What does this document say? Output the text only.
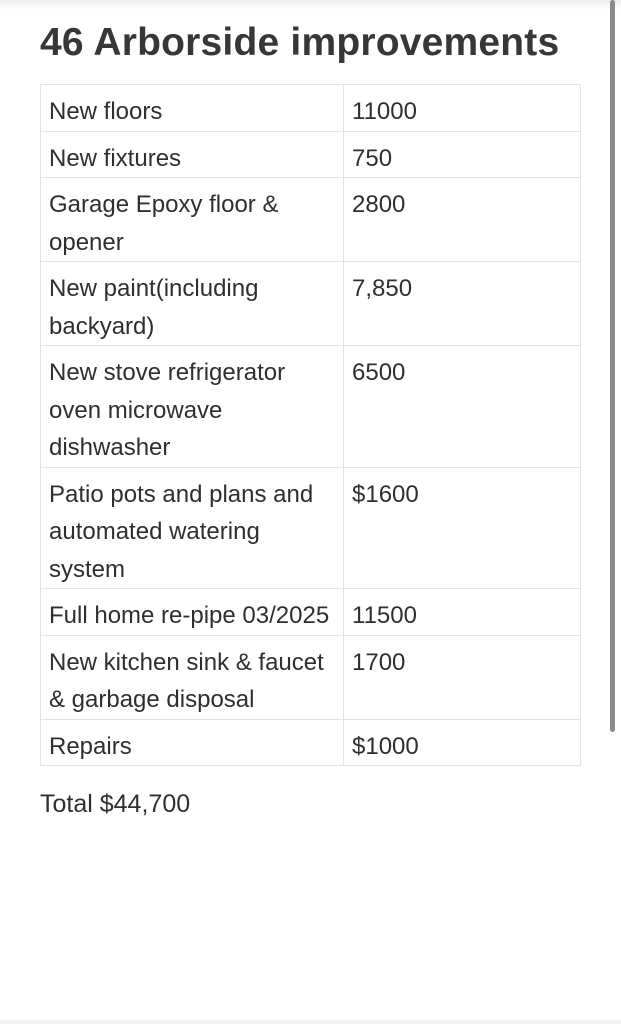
46 Arborside improvements
New floors	11000
New fixtures	750
Garage Epoxy floor & opener	2800
New paint(including backyard)	7,850
New stove refrigerator oven microwave dishwasher	6500
Patio pots and plans and automated watering system	$1600
Full home re-pipe 03/2025	11500
New kitchen sink & faucet & garbage disposal	1700
Repairs	$1000
Total $44,700
